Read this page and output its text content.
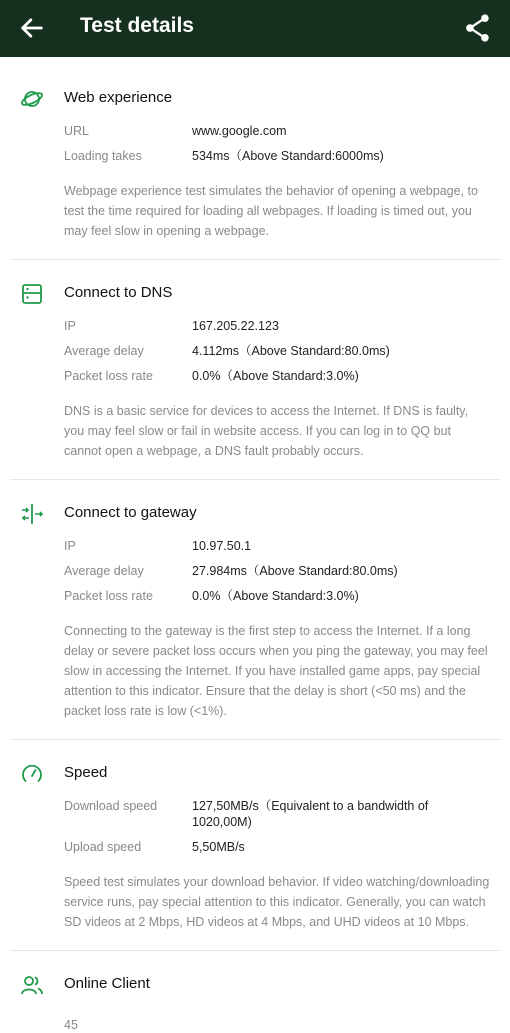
Test details
Web experience
URL	www.google.com
Loading takes	534ms（Above Standard:6000ms)
Webpage experience test simulates the behavior of opening a webpage, to test the time required for loading all webpages. If loading is timed out, you may feel slow in opening a webpage.
Connect to DNS
IP	167.205.22.123
Average delay	4.112ms（Above Standard:80.0ms)
Packet loss rate	0.0%（Above Standard:3.0%)
DNS is a basic service for devices to access the Internet. If DNS is faulty, you may feel slow or fail in website access. If you can log in to QQ but cannot open a webpage, a DNS fault probably occurs.
Connect to gateway
IP	10.97.50.1
Average delay	27.984ms（Above Standard:80.0ms)
Packet loss rate	0.0%（Above Standard:3.0%)
Connecting to the gateway is the first step to access the Internet. If a long delay or severe packet loss occurs when you ping the gateway, you may feel slow in accessing the Internet. If you have installed game apps, pay special attention to this indicator. Ensure that the delay is short (<50 ms) and the packet loss rate is low (<1%).
Speed
Download speed	127,50MB/s（Equivalent to a bandwidth of 1020,00M)
Upload speed	5,50MB/s
Speed test simulates your download behavior. If video watching/downloading service runs, pay special attention to this indicator. Generally, you can watch SD videos at 2 Mbps, HD videos at 4 Mbps, and UHD videos at 10 Mbps.
Online Client
45
